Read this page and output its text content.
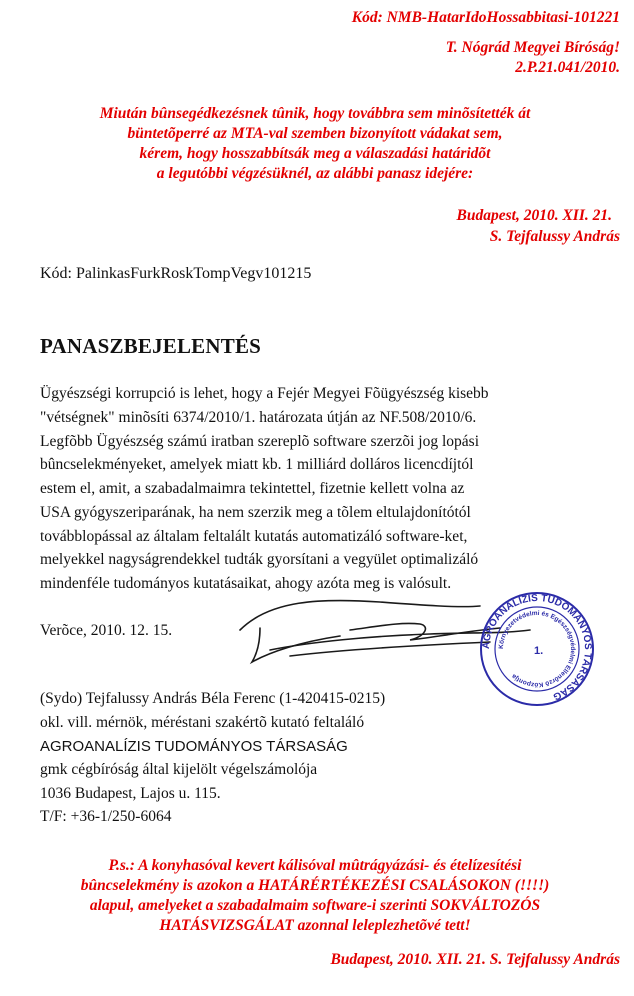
Kód: NMB-HatarIdoHossabbitasi-101221
T. Nógrád Megyei Bíróság!
2.P.21.041/2010.
Miután bûnsegédkezésnek tûnik, hogy továbbra sem minõsítették át
büntetõperré az MTA-val szemben bizonyított vádakat sem,
kérem, hogy hosszabbítsák meg a válaszadási határidõt
a legutóbbi végzésüknél, az alábbi panasz idejére:
Budapest, 2010. XII. 21.
S. Tejfalussy András
Kód: PalinkasFurkRoskTompVegv101215
PANASZBEJELENTÉS
Ügyészségi korrupció is lehet, hogy a Fejér Megyei Fõügyészség kisebb
"vétségnek" minõsíti 6374/2010/1. határozata útján az NF.508/2010/6.
Legfõbb Ügyészség számú iratban szereplõ software szerzõi jog lopási
bûncselekményeket, amelyek miatt kb. 1 milliárd dolláros licencdíjtól
estem el, amit, a szabadalmaimra tekintettel, fizetnie kellett volna az
USA gyógyszeriparának, ha nem szerzik meg a tõlem eltulajdonítótól
továbblopással az általam feltalált kutatás automatizáló software-ket,
melyekkel nagyságrendekkel tudták gyorsítani a vegyület optimalizáló
mindenféle tudományos kutatásaikat, ahogy azóta meg is valósult.
Verõce, 2010. 12. 15.
AGROANALÍZIS TUDOMÁNYOS TÁRSASÁG
Környezetvédelmi és Egészségvédelmi Ellenõrzõ Központja
1.
(Sydo) Tejfalussy András Béla Ferenc (1-420415-0215)
okl. vill. mérnök, méréstani szakértõ kutató feltaláló
AGROANALÍZIS TUDOMÁNYOS TÁRSASÁG
gmk cégbíróság által kijelölt végelszámolója
1036 Budapest, Lajos u. 115.
T/F: +36-1/250-6064
P.s.: A konyhasóval kevert kálisóval mûtrágyázási- és ételízesítési
bûncselekmény is azokon a HATÁRÉRTÉKEZÉSI CSALÁSOKON (!!!!)
alapul, amelyeket a szabadalmaim software-i szerinti SOKVÁLTOZÓS
HATÁSVIZSGÁLAT azonnal leleplezhetõvé tett!
Budapest, 2010. XII. 21. S. Tejfalussy András
